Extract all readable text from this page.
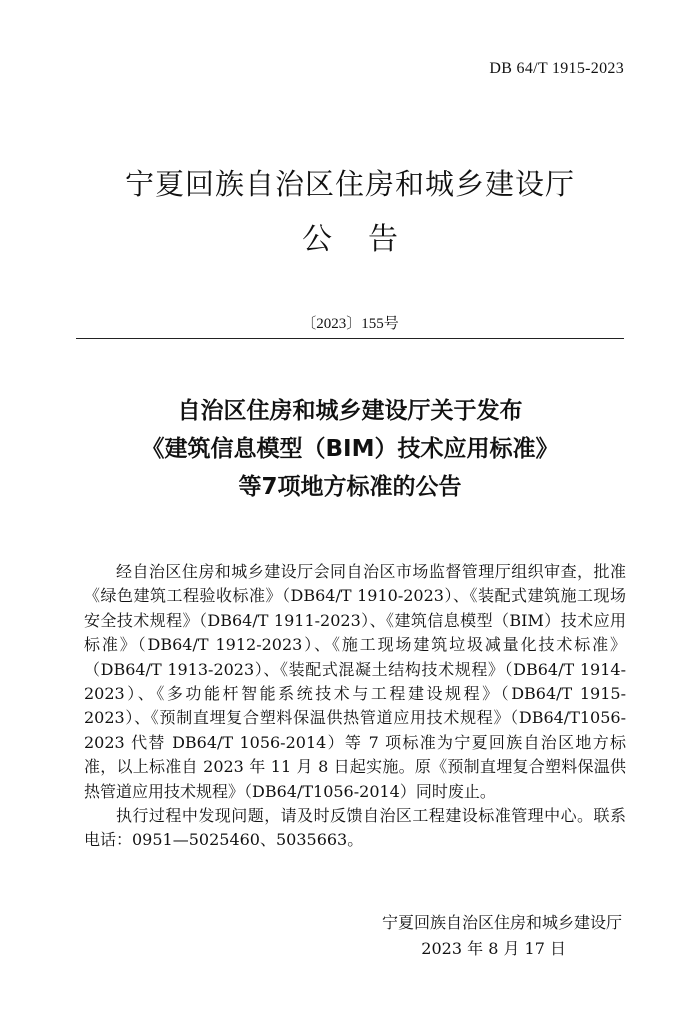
DB 64/T 1915-2023
宁夏回族自治区住房和城乡建设厅
公告
〔2023〕155号
自治区住房和城乡建设厅关于发布
《建筑信息模型（BIM）技术应用标准》
等7项地方标准的公告

经自治区住房和城乡建设厅会同自治区市场监督管理厅组织审查，批准《绿色建筑工程验收标准》（DB64/T 1910-2023）、《装配式建筑施工现场安全技术规程》（DB64/T 1911-2023）、《建筑信息模型（BIM）技术应用标准》（DB64/T 1912-2023）、《施工现场建筑垃圾减量化技术标准》（DB64/T 1913-2023）、《装配式混凝土结构技术规程》（DB64/T 1914-2023）、《多功能杆智能系统技术与工程建设规程》（DB64/T 1915-2023）、《预制直埋复合塑料保温供热管道应用技术规程》（DB64/T1056-2023 代替 DB64/T 1056-2014）等 7 项标准为宁夏回族自治区地方标准，以上标准自 2023 年 11 月 8 日起实施。原《预制直埋复合塑料保温供热管道应用技术规程》（DB64/T1056-2014）同时废止。

执行过程中发现问题，请及时反馈自治区工程建设标准管理中心。联系电话：0951—5025460、5035663。

宁夏回族自治区住房和城乡建设厅
2023 年 8 月 17 日
